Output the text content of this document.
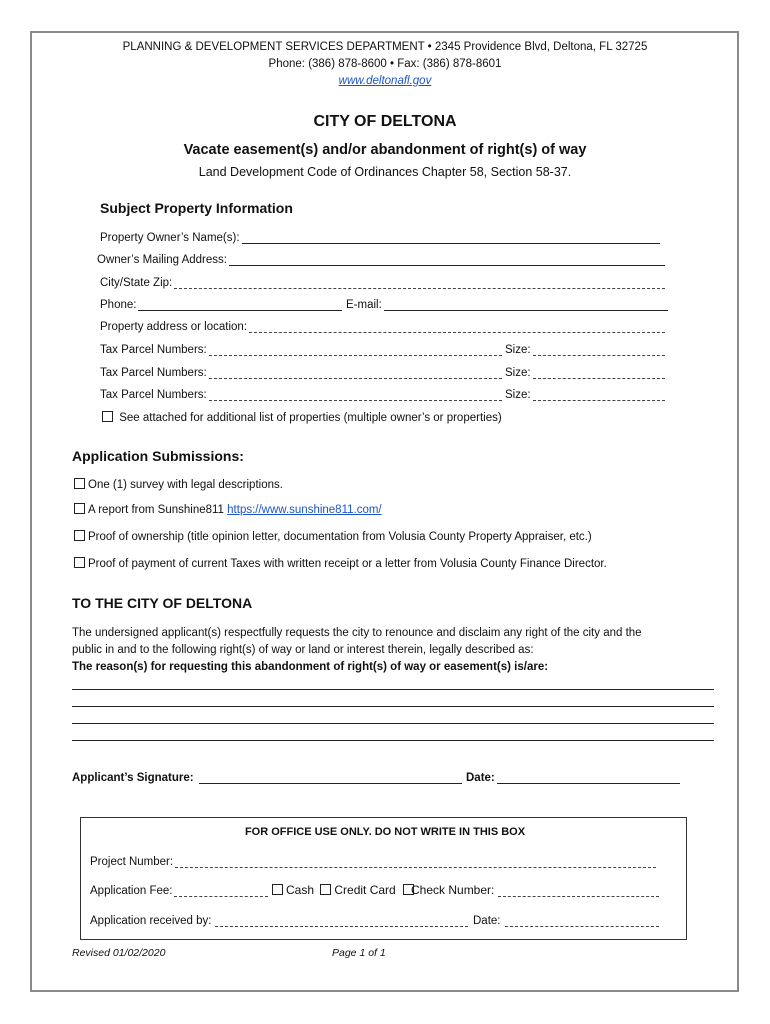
PLANNING & DEVELOPMENT SERVICES DEPARTMENT • 2345 Providence Blvd, Deltona, FL 32725
Phone: (386) 878-8600 • Fax: (386) 878-8601
www.deltonafl.gov
CITY OF DELTONA
Vacate easement(s) and/or abandonment of right(s) of way
Land Development Code of Ordinances Chapter 58, Section 58-37.
Subject Property Information
Property Owner’s Name(s):
Owner’s Mailing Address:
City/State Zip:
Phone:	E-mail:
Property address or location:
Tax Parcel Numbers:	Size:
Tax Parcel Numbers:	Size:
Tax Parcel Numbers:	Size:
See attached for additional list of properties (multiple owner’s or properties)
Application Submissions:
One (1) survey with legal descriptions.
A report from Sunshine811 https://www.sunshine811.com/
Proof of ownership (title opinion letter, documentation from Volusia County Property Appraiser, etc.)
Proof of payment of current Taxes with written receipt or a letter from Volusia County Finance Director.
TO THE CITY OF DELTONA
The undersigned applicant(s) respectfully requests the city to renounce and disclaim any right of the city and the
public in and to the following right(s) of way or land or interest therein, legally described as:
The reason(s) for requesting this abandonment of right(s) of way or easement(s) is/are:
Applicant’s Signature:	Date:
FOR OFFICE USE ONLY. DO NOT WRITE IN THIS BOX
Project Number:
Application Fee:	Cash Credit Card	Check Number:
Application received by:	Date:
Revised 01/02/2020	Page 1 of 1
